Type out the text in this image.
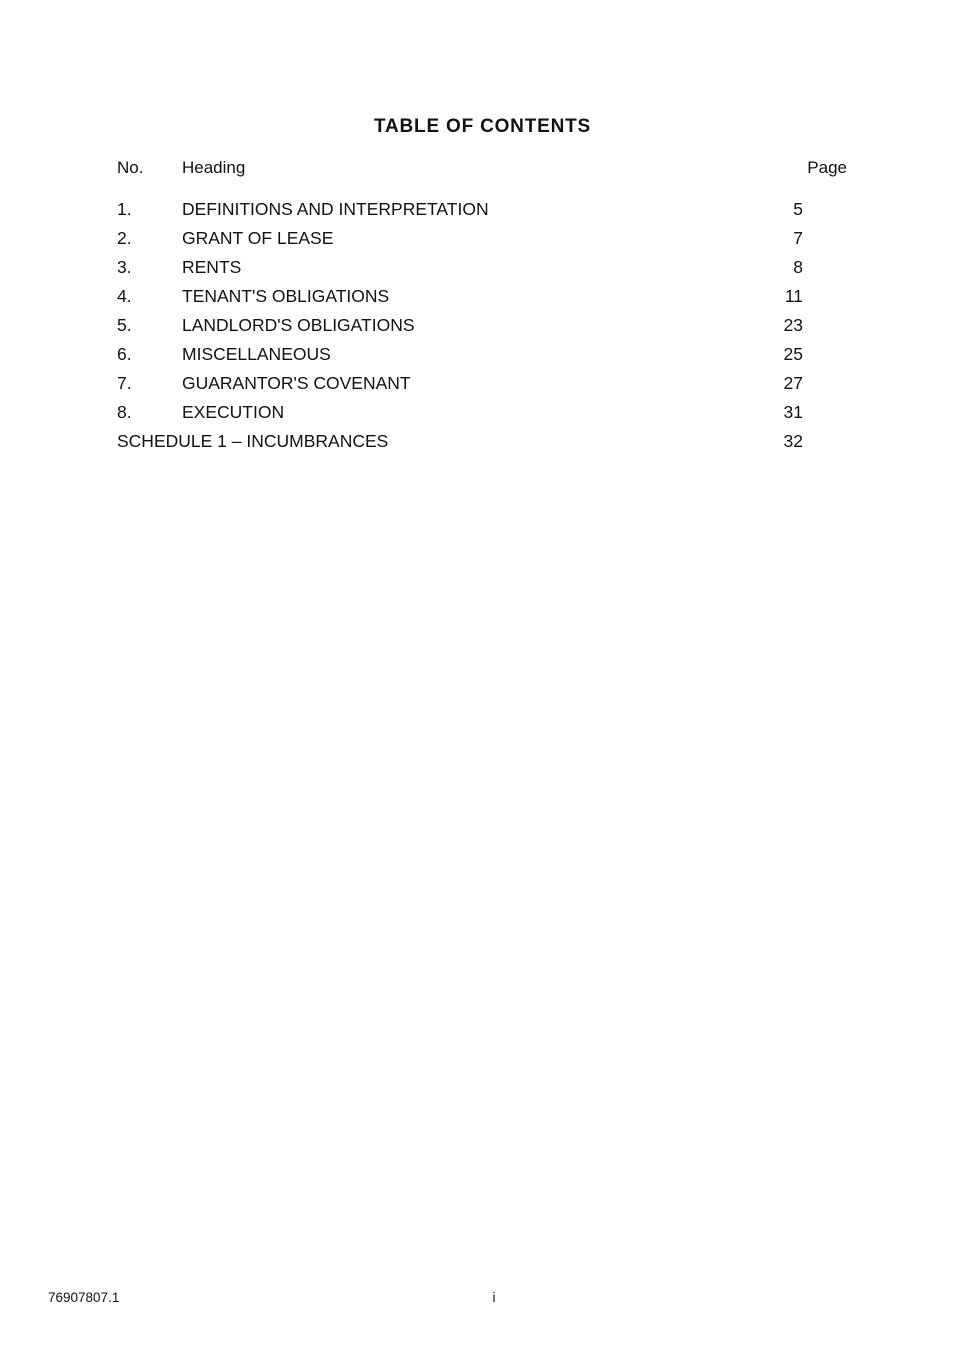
TABLE OF CONTENTS
No.	Heading	Page
1.	DEFINITIONS AND INTERPRETATION	5
2.	GRANT OF LEASE	7
3.	RENTS	8
4.	TENANT'S OBLIGATIONS	11
5.	LANDLORD'S OBLIGATIONS	23
6.	MISCELLANEOUS	25
7.	GUARANTOR'S COVENANT	27
8.	EXECUTION	31
SCHEDULE 1 – INCUMBRANCES	32
76907807.1	i
